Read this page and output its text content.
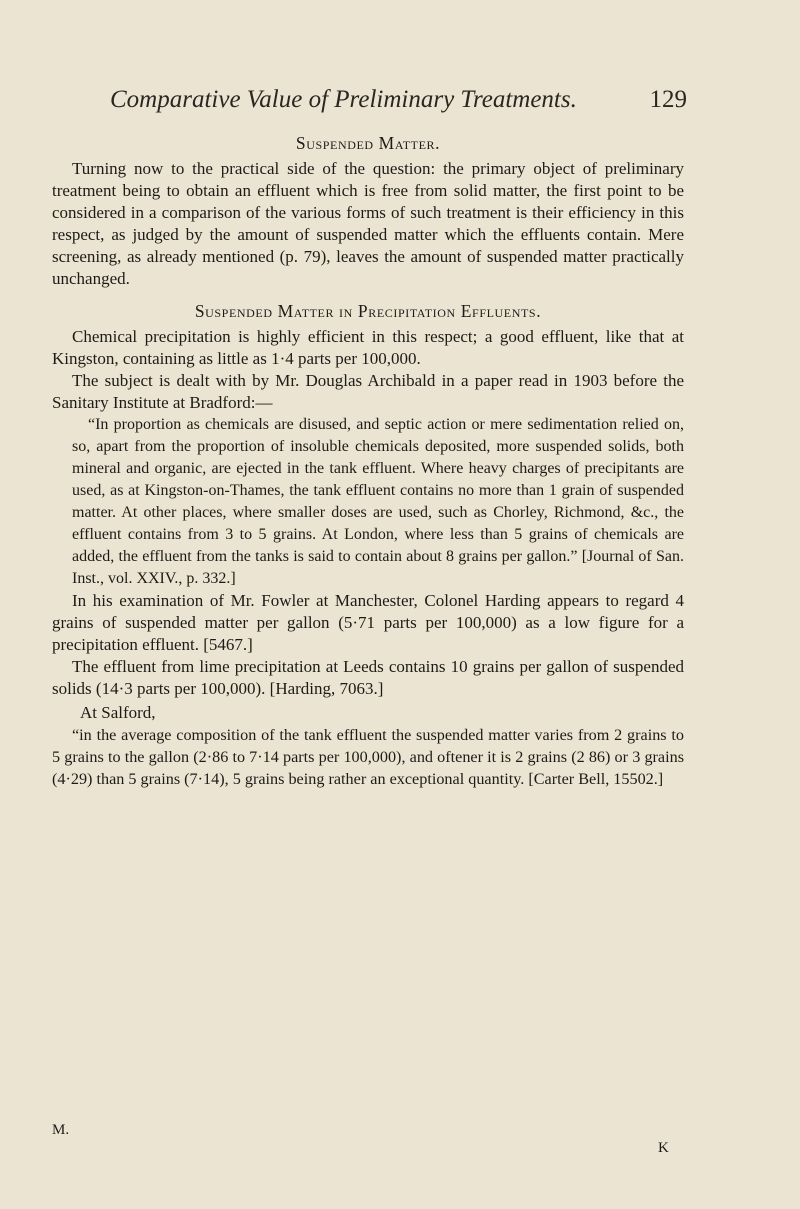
Comparative Value of Preliminary Treatments.	129
Suspended Matter.

Turning now to the practical side of the question: the primary object of preliminary treatment being to obtain an effluent which is free from solid matter, the first point to be considered in a comparison of the various forms of such treatment is their efficiency in this respect, as judged by the amount of suspended matter which the effluents contain. Mere screening, as already mentioned (p. 79), leaves the amount of suspended matter practically unchanged.

Suspended Matter in Precipitation Effluents.

Chemical precipitation is highly efficient in this respect; a good effluent, like that at Kingston, containing as little as 1·4 parts per 100,000.

The subject is dealt with by Mr. Douglas Archibald in a paper read in 1903 before the Sanitary Institute at Bradford:—

“In proportion as chemicals are disused, and septic action or mere sedimentation relied on, so, apart from the proportion of insoluble chemicals deposited, more suspended solids, both mineral and organic, are ejected in the tank effluent. Where heavy charges of precipitants are used, as at Kingston-on-Thames, the tank effluent contains no more than 1 grain of suspended matter. At other places, where smaller doses are used, such as Chorley, Richmond, &c., the effluent contains from 3 to 5 grains. At London, where less than 5 grains of chemicals are added, the effluent from the tanks is said to contain about 8 grains per gallon.” [Journal of San. Inst., vol. XXIV., p. 332.]

In his examination of Mr. Fowler at Manchester, Colonel Harding appears to regard 4 grains of suspended matter per gallon (5·71 parts per 100,000) as a low figure for a precipitation effluent. [5467.]

The effluent from lime precipitation at Leeds contains 10 grains per gallon of suspended solids (14·3 parts per 100,000). [Harding, 7063.]

At Salford,

“in the average composition of the tank effluent the suspended matter varies from 2 grains to 5 grains to the gallon (2·86 to 7·14 parts per 100,000), and oftener it is 2 grains (2 86) or 3 grains (4·29) than 5 grains (7·14), 5 grains being rather an exceptional quantity. [Carter Bell, 15502.]

M.
K
